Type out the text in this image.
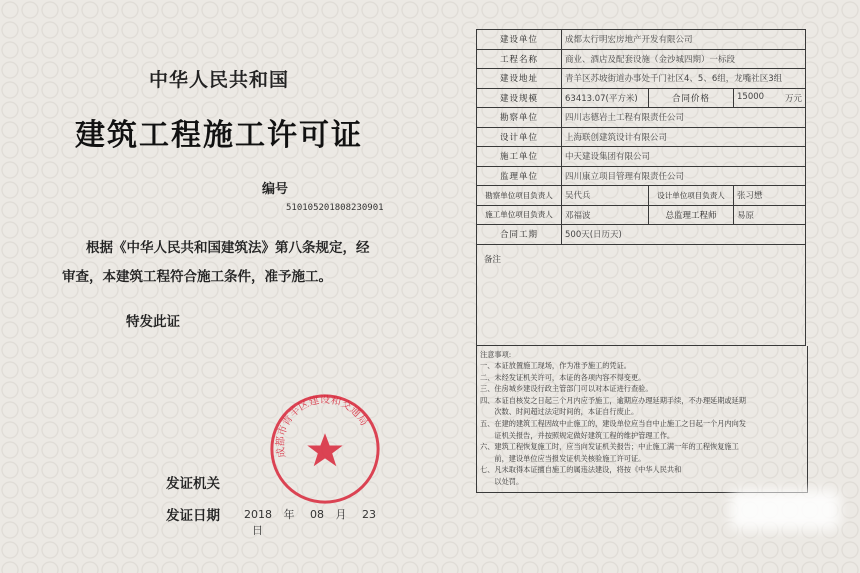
中华人民共和国
建筑工程施工许可证
编号
510105201808230901
根据《中华人民共和国建筑法》第八条规定，经审查，本建筑工程符合施工条件，准予施工。
特发此证
成都市青羊区建设和交通局
发证机关
发证日期 2018 年 08 月 23 日
建设单位	成都太行明宏房地产开发有限公司		
工程名称	商业、酒店及配套设施（金沙城四期）一标段		
建设地址	青羊区苏坡街道办事处千门社区4、5、6组，龙嘴社区3组		
建设规模	63413.07(平方米)	合同价格	15000 万元

勘察单位	四川志德岩土工程有限责任公司		
设计单位	上海联创建筑设计有限公司		
施工单位	中天建设集团有限公司		
监理单位	四川康立项目管理有限责任公司		
勘察单位项目负责人	吴代兵	设计单位项目负责人	张习懋
施工单位项目负责人	邓福波	总监理工程师	易原
合同工期	500天(日历天)		
备注			
注意事项:
一、本证放置施工现场，作为准予施工的凭证。
二、未经发证机关许可，本证的各项内容不得变更。
三、住房城乡建设行政主管部门可以对本证进行查验。
四、本证自核发之日起三个月内应予施工，逾期应办理延期手续，不办理延期或延期
　　次数、时间超过法定时间的，本证自行废止。
五、在建的建筑工程因故中止施工的，建设单位应当自中止施工之日起一个月内向发
　　证机关报告，并按照规定做好建筑工程的维护管理工作。
六、建筑工程恢复施工时，应当向发证机关报告；中止施工满一年的工程恢复施工
　　前，建设单位应当报发证机关核验施工许可证。
七、凡未取得本证擅自施工的属违法建设，将按《中华人民共和
　　以处罚。
